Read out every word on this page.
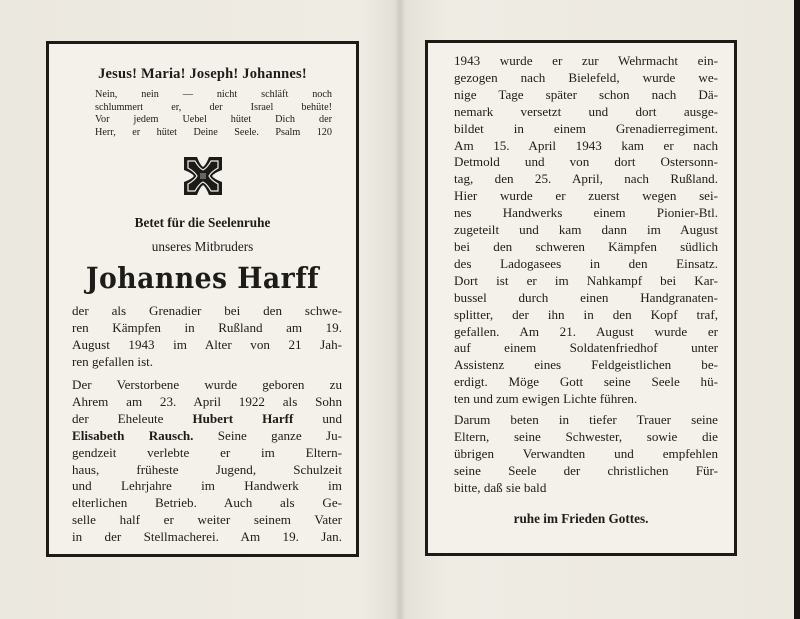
Jesus! Maria! Joseph! Johannes!
Nein, nein — nicht schläft noch
schlummert er, der Israel behüte!
Vor jedem Uebel hütet Dich der
Herr, er hütet Deine Seele. Psalm 120
Betet für die Seelenruhe
unseres Mitbruders
Johannes Harff
der als Grenadier bei den schwe-
ren Kämpfen in Rußland am 19.
August 1943 im Alter von 21 Jah-
ren gefallen ist.
Der Verstorbene wurde geboren zu
Ahrem am 23. April 1922 als Sohn
der Eheleute Hubert Harff und
Elisabeth Rausch. Seine ganze Ju-
gendzeit verlebte er im Eltern-
haus, früheste Jugend, Schulzeit
und Lehrjahre im Handwerk im
elterlichen Betrieb. Auch als Ge-
selle half er weiter seinem Vater
in der Stellmacherei. Am 19. Jan.
1943 wurde er zur Wehrmacht ein-
gezogen nach Bielefeld, wurde we-
nige Tage später schon nach Dä-
nemark versetzt und dort ausge-
bildet in einem Grenadierregiment.
Am 15. April 1943 kam er nach
Detmold und von dort Ostersonn-
tag, den 25. April, nach Rußland.
Hier wurde er zuerst wegen sei-
nes Handwerks einem Pionier-Btl.
zugeteilt und kam dann im August
bei den schweren Kämpfen südlich
des Ladogasees in den Einsatz.
Dort ist er im Nahkampf bei Kar-
bussel durch einen Handgranaten-
splitter, der ihn in den Kopf traf,
gefallen. Am 21. August wurde er
auf einem Soldatenfriedhof unter
Assistenz eines Feldgeistlichen be-
erdigt. Möge Gott seine Seele hü-
ten und zum ewigen Lichte führen.
Darum beten in tiefer Trauer seine
Eltern, seine Schwester, sowie die
übrigen Verwandten und empfehlen
seine Seele der christlichen Für-
bitte, daß sie bald
ruhe im Frieden Gottes.
